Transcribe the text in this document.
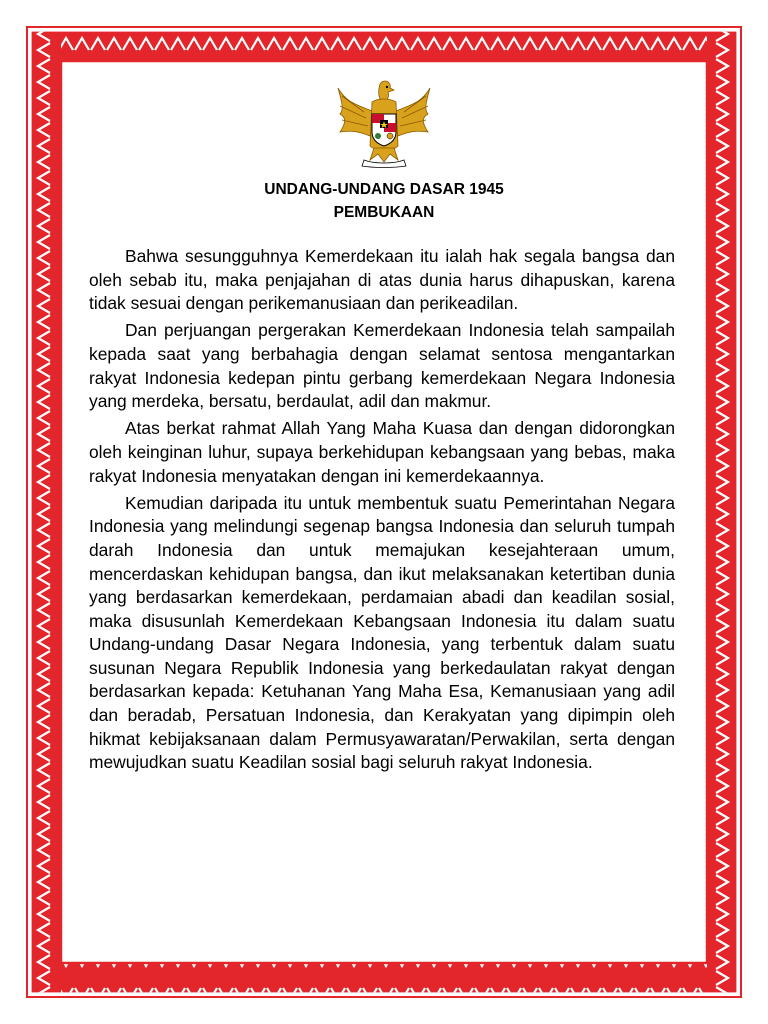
UNDANG-UNDANG DASAR 1945
PEMBUKAAN

Bahwa sesungguhnya Kemerdekaan itu ialah hak segala bangsa dan oleh sebab itu, maka penjajahan di atas dunia harus dihapuskan, karena tidak sesuai dengan perikemanusiaan dan perikeadilan.

Dan perjuangan pergerakan Kemerdekaan Indonesia telah sampailah kepada saat yang berbahagia dengan selamat sentosa mengantarkan rakyat Indonesia kedepan pintu gerbang kemerdekaan Negara Indonesia yang merdeka, bersatu, berdaulat, adil dan makmur.

Atas berkat rahmat Allah Yang Maha Kuasa dan dengan didorongkan oleh keinginan luhur, supaya berkehidupan kebangsaan yang bebas, maka rakyat Indonesia menyatakan dengan ini kemerdekaannya.

Kemudian daripada itu untuk membentuk suatu Pemerintahan Negara Indonesia yang melindungi segenap bangsa Indonesia dan seluruh tumpah darah Indonesia dan untuk memajukan kesejahteraan umum, mencerdaskan kehidupan bangsa, dan ikut melaksanakan ketertiban dunia yang berdasarkan kemerdekaan, perdamaian abadi dan keadilan sosial, maka disusunlah Kemerdekaan Kebangsaan Indonesia itu dalam suatu Undang-undang Dasar Negara Indonesia, yang terbentuk dalam suatu susunan Negara Republik Indonesia yang berkedaulatan rakyat dengan berdasarkan kepada: Ketuhanan Yang Maha Esa, Kemanusiaan yang adil dan beradab, Persatuan Indonesia, dan Kerakyatan yang dipimpin oleh hikmat kebijaksanaan dalam Permusyawaratan/Perwakilan, serta dengan mewujudkan suatu Keadilan sosial bagi seluruh rakyat Indonesia.
